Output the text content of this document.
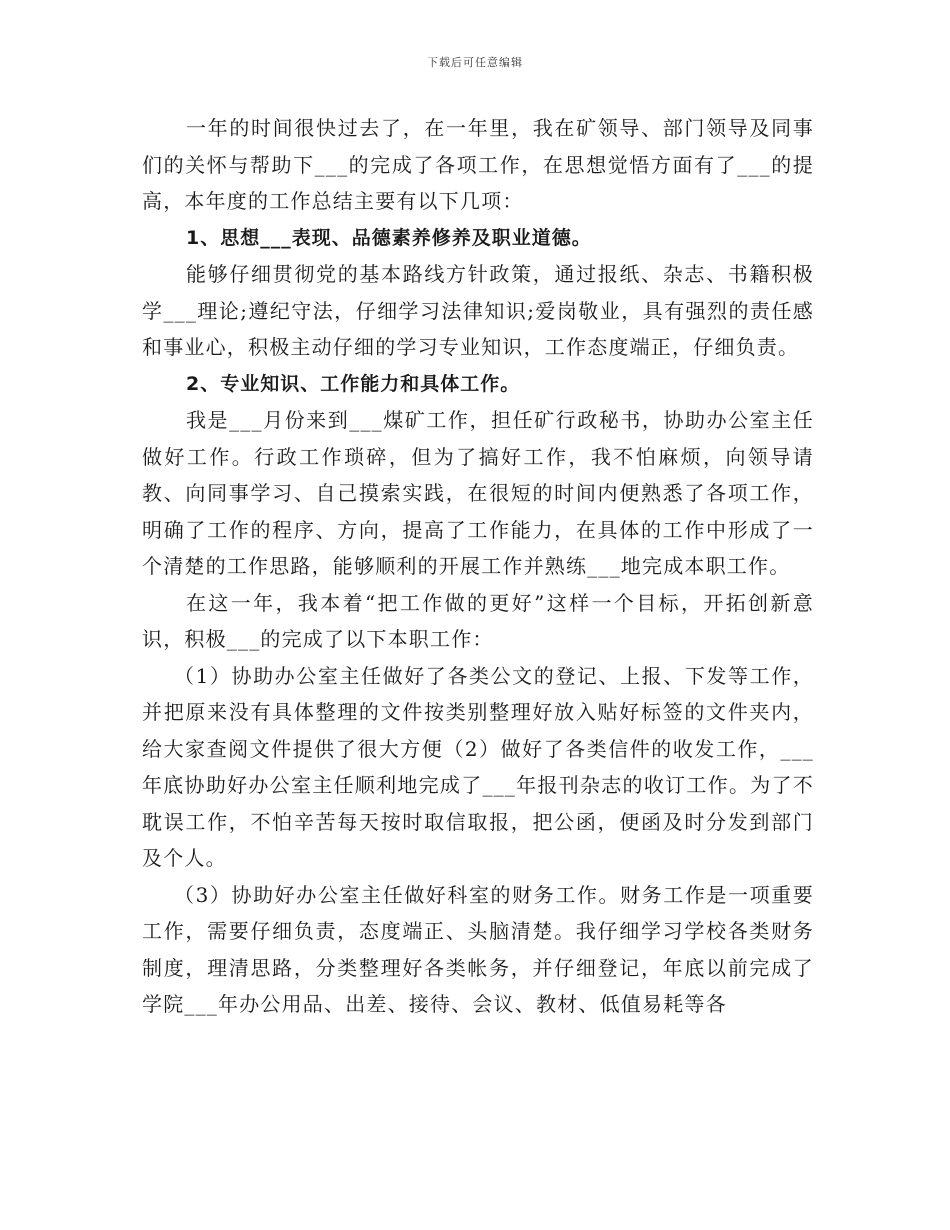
下载后可任意编辑

一年的时间很快过去了，在一年里，我在矿领导、部门领导及同事们的关怀与帮助下___的完成了各项工作，在思想觉悟方面有了___的提高，本年度的工作总结主要有以下几项：

1、思想___表现、品德素养修养及职业道德。

能够仔细贯彻党的基本路线方针政策，通过报纸、杂志、书籍积极学___理论;遵纪守法，仔细学习法律知识;爱岗敬业，具有强烈的责任感和事业心，积极主动仔细的学习专业知识，工作态度端正，仔细负责。

2、专业知识、工作能力和具体工作。

我是___月份来到___煤矿工作，担任矿行政秘书，协助办公室主任做好工作。行政工作琐碎，但为了搞好工作，我不怕麻烦，向领导请教、向同事学习、自己摸索实践，在很短的时间内便熟悉了各项工作，明确了工作的程序、方向，提高了工作能力，在具体的工作中形成了一个清楚的工作思路，能够顺利的开展工作并熟练___地完成本职工作。

在这一年，我本着“把工作做的更好”这样一个目标，开拓创新意识，积极___的完成了以下本职工作：

（1）协助办公室主任做好了各类公文的登记、上报、下发等工作，并把原来没有具体整理的文件按类别整理好放入贴好标签的文件夹内，给大家查阅文件提供了很大方便（2）做好了各类信件的收发工作，___年底协助好办公室主任顺利地完成了___年报刊杂志的收订工作。为了不耽误工作，不怕辛苦每天按时取信取报，把公函，便函及时分发到部门及个人。

（3）协助好办公室主任做好科室的财务工作。财务工作是一项重要工作，需要仔细负责，态度端正、头脑清楚。我仔细学习学校各类财务制度，理清思路，分类整理好各类帐务，并仔细登记，年底以前完成了学院___年办公用品、出差、接待、会议、教材、低值易耗等各
